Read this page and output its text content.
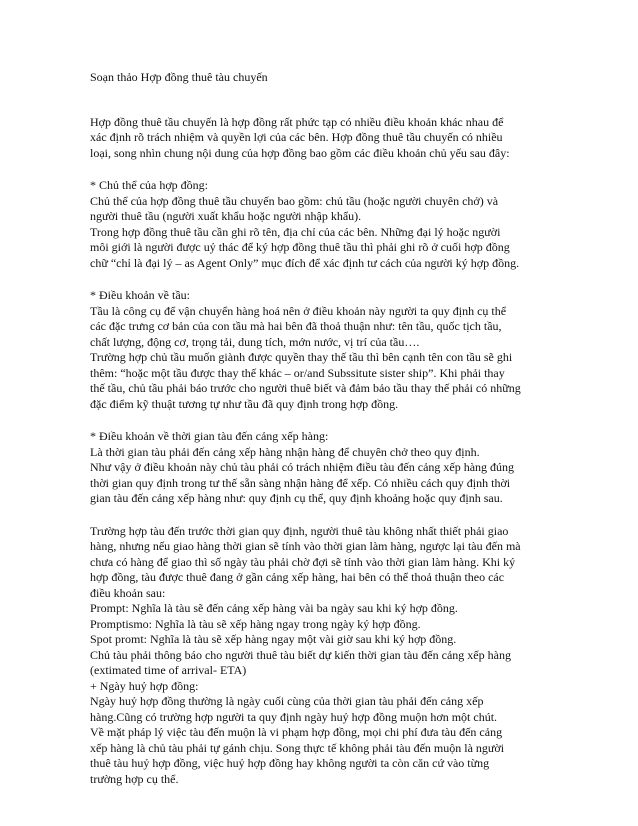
Soạn thảo Hợp đồng thuê tàu chuyến
Hợp đồng thuê tầu chuyến là hợp đồng rất phức tạp có nhiều điều khoản khác nhau để
xác định rõ trách nhiệm và quyền lợi của các bên. Hợp đồng thuê tầu chuyến có nhiều
loại, song nhìn chung nội dung của hợp đồng bao gồm các điều khoản chủ yếu sau đây:
* Chủ thể của hợp đồng:
Chủ thể của hợp đồng thuê tầu chuyến bao gồm: chủ tầu (hoặc người chuyên chở) và
người thuê tầu (người xuất khẩu hoặc người nhập khẩu).
Trong hợp đồng thuê tầu cần ghi rõ tên, địa chỉ của các bên. Những đại lý hoặc người
môi giới là người được uỷ thác để ký hợp đồng thuê tầu thì phải ghi rõ ở cuối hợp đồng
chữ “chỉ là đại lý – as Agent Only” mục đích để xác định tư cách của người ký hợp đồng.
* Điều khoản về tầu:
Tầu là công cụ để vận chuyển hàng hoá nên ở điều khoản này người ta quy định cụ thể
các đặc trưng cơ bản của con tầu mà hai bên đã thoả thuận như: tên tầu, quốc tịch tầu,
chất lượng, động cơ, trọng tải, dung tích, mớn nước, vị trí của tầu….
Trường hợp chủ tầu muốn giành được quyền thay thế tầu thì bên cạnh tên con tầu sẽ ghi
thêm: “hoặc một tầu được thay thế khác – or/and Subssitute sister ship”. Khi phải thay
thế tầu, chủ tầu phải báo trước cho người thuê biết và đảm bảo tầu thay thế phải có những
đặc điểm kỹ thuật tương tự như tầu đã quy định trong hợp đồng.
* Điều khoản về thời gian tàu đến cảng xếp hàng:
Là thời gian tàu phải đến cảng xếp hàng nhận hàng để chuyên chở theo quy định.
Như vậy ở điều khoản này chủ tàu phải có trách nhiệm điều tàu đến cảng xếp hàng đúng
thời gian quy định trong tư thế sẵn sàng nhận hàng để xếp. Có nhiều cách quy định thời
gian tàu đến cảng xếp hàng như: quy định cụ thể, quy định khoảng hoặc quy định sau.
Trường hợp tàu đến trước thời gian quy định, người thuê tàu không nhất thiết phải giao
hàng, nhưng nếu giao hàng thời gian sẽ tính vào thời gian làm hàng, ngược lại tàu đến mà
chưa có hàng để giao thì số ngày tàu phải chờ đợi sẽ tính vào thời gian làm hàng. Khi ký
hợp đồng, tàu được thuê đang ở gần cảng xếp hàng, hai bên có thể thoả thuận theo các
điều khoản sau:
Prompt: Nghĩa là tàu sẽ đến cảng xếp hàng vài ba ngày sau khi ký hợp đồng.
Promptismo: Nghĩa là tàu sẽ xếp hàng ngay trong ngày ký hợp đồng.
Spot promt: Nghĩa là tàu sẽ xếp hàng ngay một vài giờ sau khi ký hợp đồng.
Chủ tàu phải thông báo cho người thuê tàu biết dự kiến thời gian tàu đến cảng xếp hàng
(extimated time of arrival- ETA)
+ Ngày huỷ hợp đồng:
Ngày huỷ hợp đồng thường là ngày cuối cùng của thời gian tàu phải đến cảng xếp
hàng.Cũng có trường hợp người ta quy định ngày huỷ hợp đồng muộn hơn một chút.
Về mặt pháp lý việc tàu đến muộn là vi phạm hợp đồng, mọi chi phí đưa tàu đến cảng
xếp hàng là chủ tàu phải tự gánh chịu. Song thực tế không phải tàu đến muộn là người
thuê tàu huỷ hợp đồng, việc huỷ hợp đồng hay không người ta còn căn cứ vào từng
trường hợp cụ thể.
